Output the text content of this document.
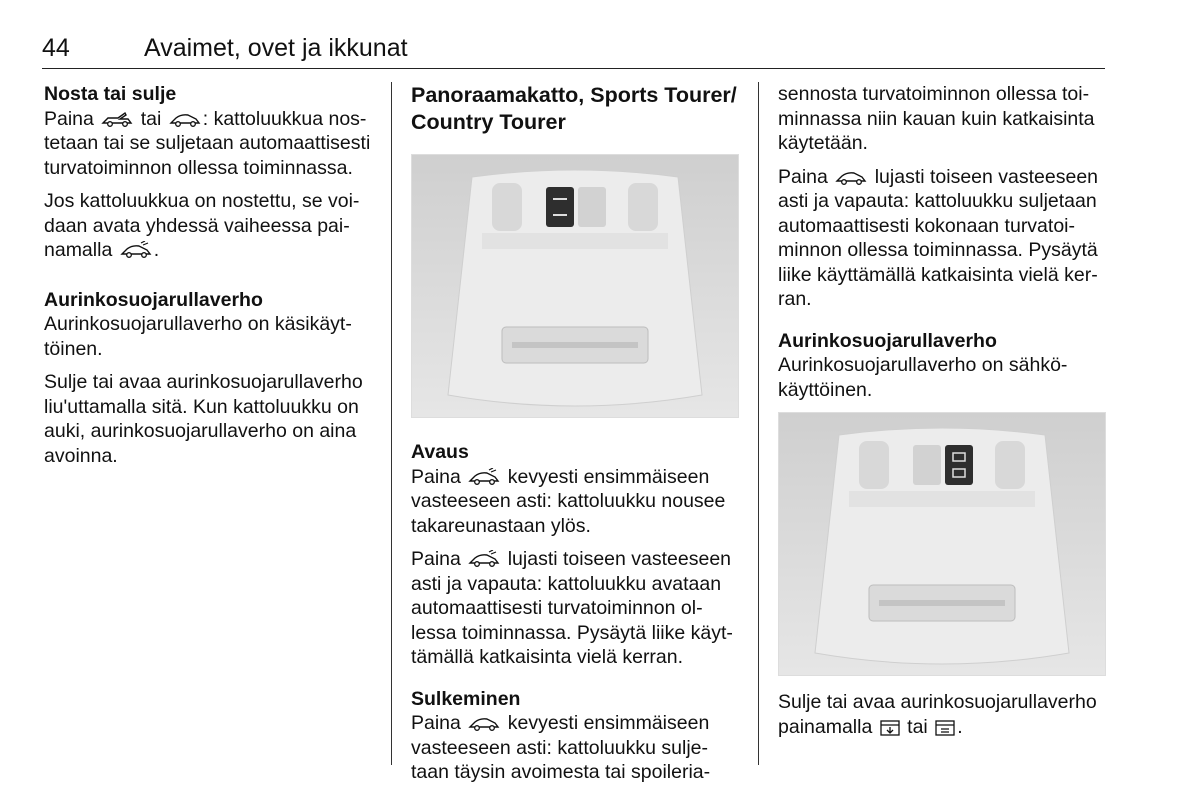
44	Avaimet, ovet ja ikkunat
Nosta tai sulje

Paina tai : kattoluukkua nos-
tetaan tai se suljetaan automaattisesti
turvatoiminnon ollessa toiminnassa.

Jos kattoluukkua on nostettu, se voi-
daan avata yhdessä vaiheessa pai-
namalla .

Aurinkosuojarullaverho

Aurinkosuojarullaverho on käsikäyt-
töinen.

Sulje tai avaa aurinkosuojarullaverho
liu'uttamalla sitä. Kun kattoluukku on
auki, aurinkosuojarullaverho on aina
avoinna.

Panoraamakatto, Sports Tourer/
Country Tourer
Avaus

Paina kevyesti ensimmäiseen
vasteeseen asti: kattoluukku nousee
takareunastaan ylös.

Paina lujasti toiseen vasteeseen
asti ja vapauta: kattoluukku avataan
automaattisesti turvatoiminnon ol-
lessa toiminnassa. Pysäytä liike käyt-
tämällä katkaisinta vielä kerran.

Sulkeminen

Paina kevyesti ensimmäiseen
vasteeseen asti: kattoluukku sulje-
taan täysin avoimesta tai spoileria-

sennosta turvatoiminnon ollessa toi-
minnassa niin kauan kuin katkaisinta
käytetään.

Paina lujasti toiseen vasteeseen
asti ja vapauta: kattoluukku suljetaan
automaattisesti kokonaan turvatoi-
minnon ollessa toiminnassa. Pysäytä
liike käyttämällä katkaisinta vielä ker-
ran.

Aurinkosuojarullaverho

Aurinkosuojarullaverho on sähkö-
käyttöinen.

Sulje tai avaa aurinkosuojarullaverho
painamalla tai .
